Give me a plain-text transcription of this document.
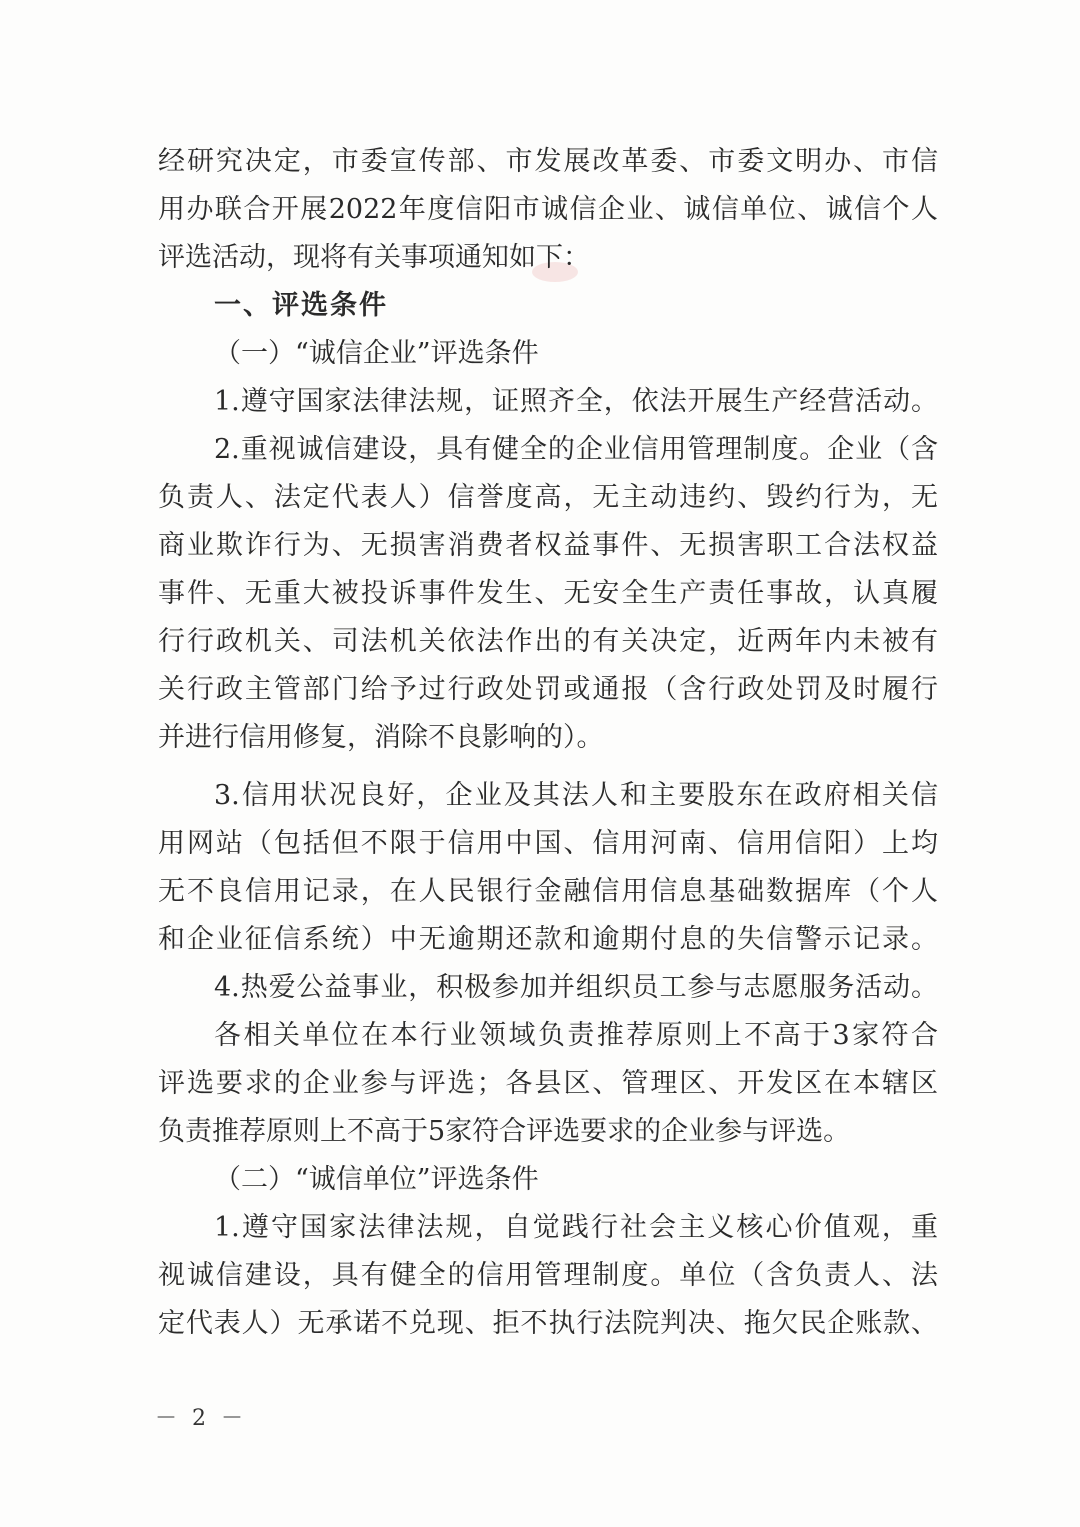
经研究决定，市委宣传部、市发展改革委、市委文明办、市信
用办联合开展2022年度信阳市诚信企业、诚信单位、诚信个人
评选活动，现将有关事项通知如下：
一、评选条件
（一）“诚信企业”评选条件
1.遵守国家法律法规，证照齐全，依法开展生产经营活动。
2.重视诚信建设，具有健全的企业信用管理制度。企业（含
负责人、法定代表人）信誉度高，无主动违约、毁约行为，无
商业欺诈行为、无损害消费者权益事件、无损害职工合法权益
事件、无重大被投诉事件发生、无安全生产责任事故，认真履
行行政机关、司法机关依法作出的有关决定，近两年内未被有
关行政主管部门给予过行政处罚或通报（含行政处罚及时履行
并进行信用修复，消除不良影响的）。
3.信用状况良好，企业及其法人和主要股东在政府相关信
用网站（包括但不限于信用中国、信用河南、信用信阳）上均
无不良信用记录，在人民银行金融信用信息基础数据库（个人
和企业征信系统）中无逾期还款和逾期付息的失信警示记录。
4.热爱公益事业，积极参加并组织员工参与志愿服务活动。
各相关单位在本行业领域负责推荐原则上不高于3家符合
评选要求的企业参与评选；各县区、管理区、开发区在本辖区
负责推荐原则上不高于5家符合评选要求的企业参与评选。
（二）“诚信单位”评选条件
1.遵守国家法律法规，自觉践行社会主义核心价值观，重
视诚信建设，具有健全的信用管理制度。单位（含负责人、法
定代表人）无承诺不兑现、拒不执行法院判决、拖欠民企账款、
－ 2 －
